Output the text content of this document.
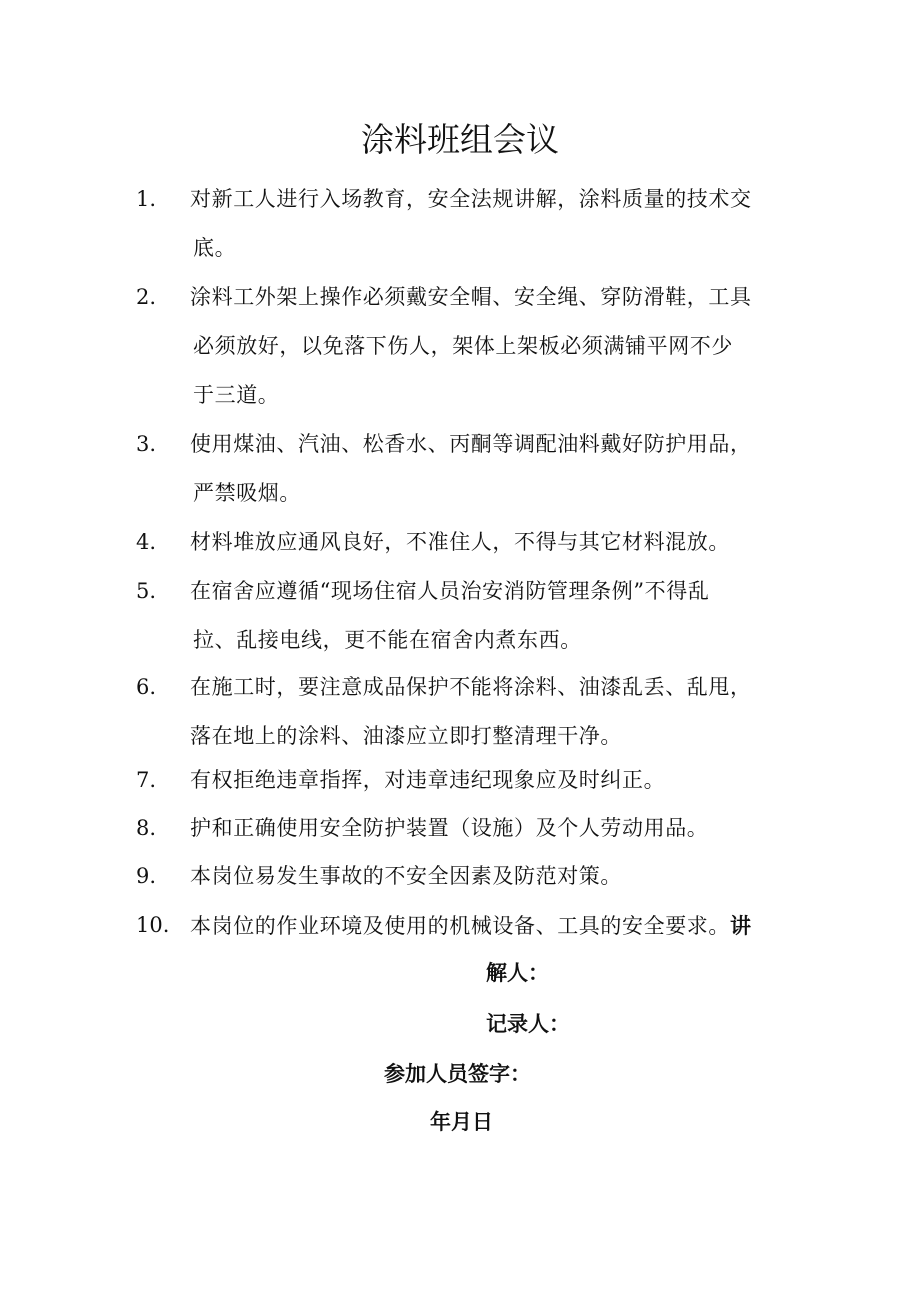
涂料班组会议
1.	对新工人进行入场教育，安全法规讲解，涂料质量的技术交
底。
2.	涂料工外架上操作必须戴安全帽、安全绳、穿防滑鞋，工具
必须放好，以免落下伤人，架体上架板必须满铺平网不少
于三道。
3.	使用煤油、汽油、松香水、丙酮等调配油料戴好防护用品，
严禁吸烟。
4.	材料堆放应通风良好，不准住人，不得与其它材料混放。
5.	在宿舍应遵循“现场住宿人员治安消防管理条例”不得乱
拉、乱接电线，更不能在宿舍内煮东西。
6.	在施工时，要注意成品保护不能将涂料、油漆乱丢、乱甩，
落在地上的涂料、油漆应立即打整清理干净。
7.	有权拒绝违章指挥，对违章违纪现象应及时纠正。
8.	护和正确使用安全防护装置（设施）及个人劳动用品。
9.	本岗位易发生事故的不安全因素及防范对策。
10. 本岗位的作业环境及使用的机械设备、工具的安全要求。讲
解人：
记录人：
参加人员签字：
年月日
